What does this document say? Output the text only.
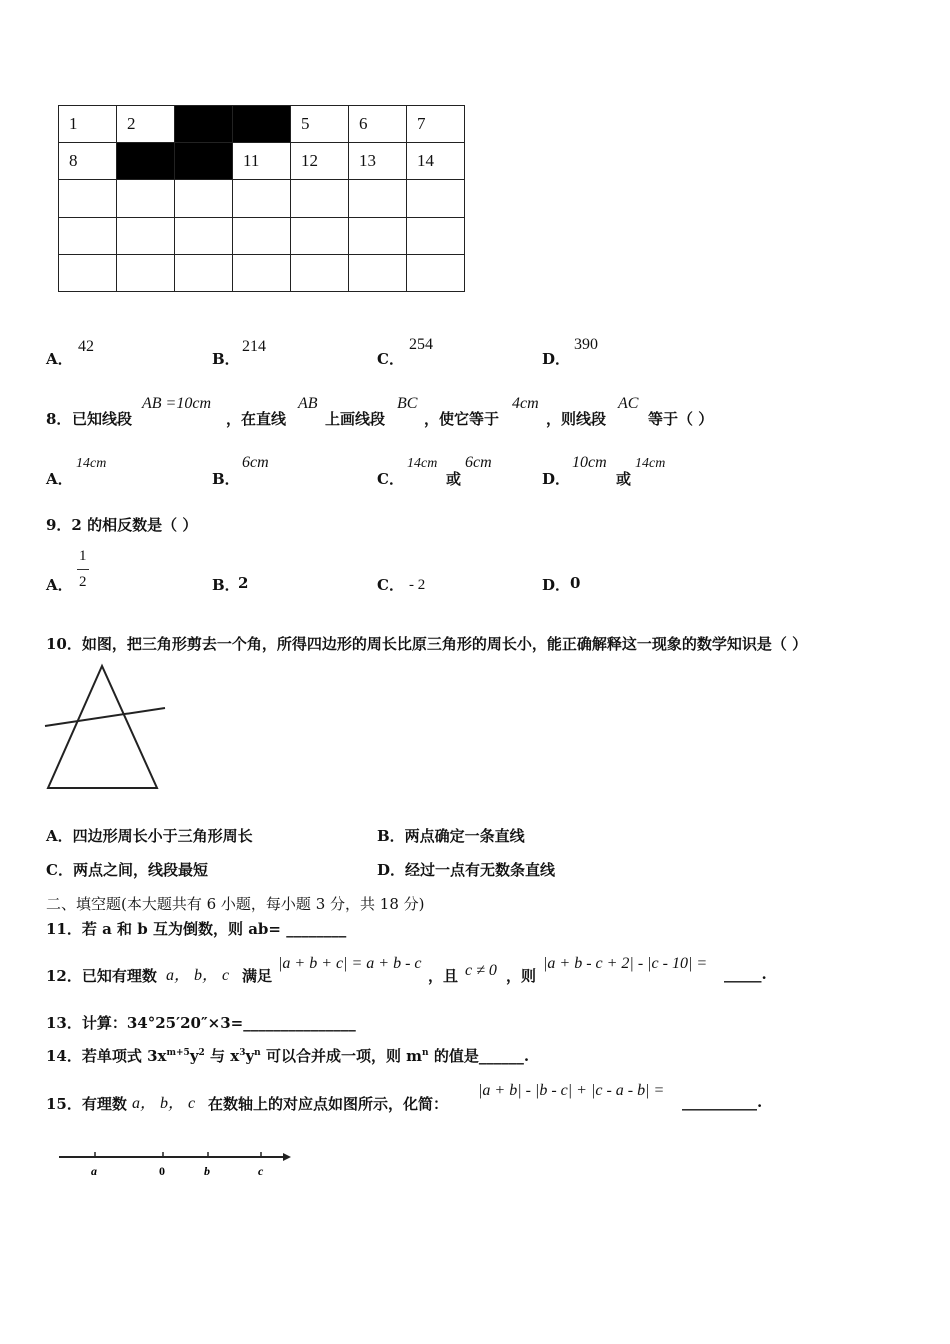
1	2			5	6	7
8			11	12	13	14

A．
42
B．
214
C．
254
D．
390
8． 已知线段
AB =10cm
，在直线
AB
上画线段
BC
，使它等于
4cm
，则线段
AC
等于（ ）
A．
14cm
B．
6cm
C．
14cm
或
6cm
D．
10cm
或
14cm
9．2 的相反数是（ ）
A．
1
2	B．
2	C． - 2	D． 0
10．如图，把三角形剪去一个角，所得四边形的周长比原三角形的周长小，能正确解释这一现象的数学知识是（ ）
A．四边形周长小于三角形周长	B．两点确定一条直线
C．两点之间，线段最短	D．经过一点有无数条直线
二、填空题(本大题共有 6 小题，每小题 3 分，共 18 分)
11．若 a 和 b 互为倒数，则 ab= ________
12．已知有理数 a， b， c 满足
|a + b + c| = a + b - c
，且 c ≠ 0 ，则
|a + b - c + 2| - |c - 10| =
_____.
13．计算：34°25′20″×3=_______________
14．若单项式 $3x^{m+5}y^2$ 与 $x^3y^n$ 可以合并成一项，则 $m^n$ 的值是______.
15．有理数 a， b， c 在数轴上的对应点如图所示，化简：
|a + b| - |b - c| + |c - a - b| =
__________.
a	0	b	c
